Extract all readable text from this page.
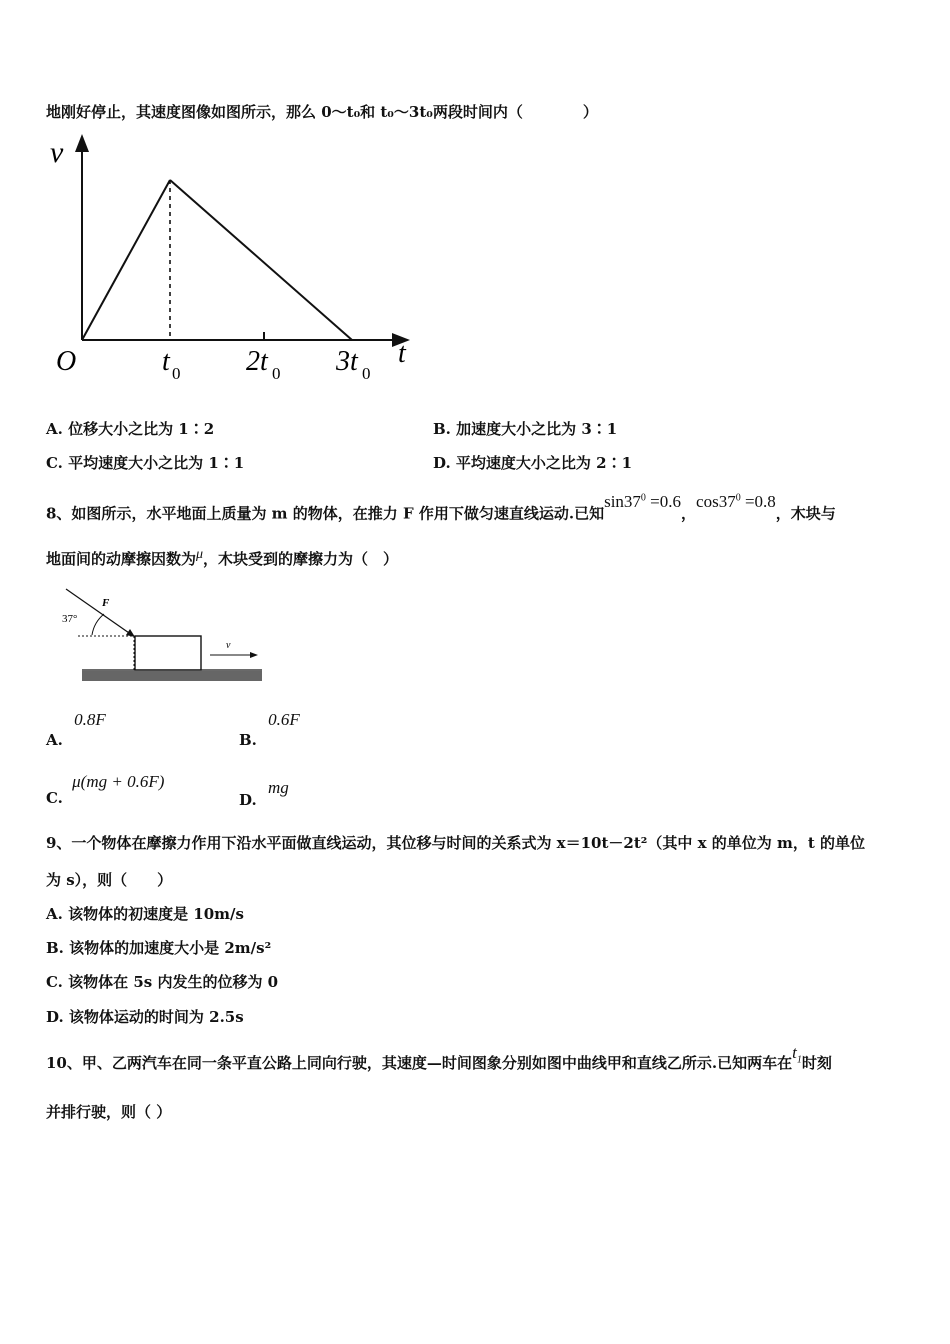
地刚好停止，其速度图像如图所示，那么 0～t₀和 t₀～3t₀两段时间内（　　　　）
v
O	t 0 2t 0 3t 0
t
A. 位移大小之比为 1∶2	B. 加速度大小之比为 3∶1
C. 平均速度大小之比为 1∶1	D. 平均速度大小之比为 2∶1
8、如图所示，水平地面上质量为 m 的物体，在推力 F 作用下做匀速直线运动.已知$\sin 37^0 =0.6$，$\cos 37^0 =0.8$，木块与
地面间的动摩擦因数为μ，木块受到的摩擦力为（　）
37°
F
v
A. 0.8F
B. 0.6F
C. μ(mg + 0.6F)
D. mg
9、一个物体在摩擦力作用下沿水平面做直线运动，其位移与时间的关系式为 x＝10t－2t²（其中 x 的单位为 m，t 的单位
为 s），则（　　）
A. 该物体的初速度是 10m/s
B. 该物体的加速度大小是 2m/s²
C. 该物体在 5s 内发生的位移为 0
D. 该物体运动的时间为 2.5s
10、甲、乙两汽车在同一条平直公路上同向行驶，其速度—时间图象分别如图中曲线甲和直线乙所示.已知两车在$t_1$时刻
并排行驶，则（ ）
